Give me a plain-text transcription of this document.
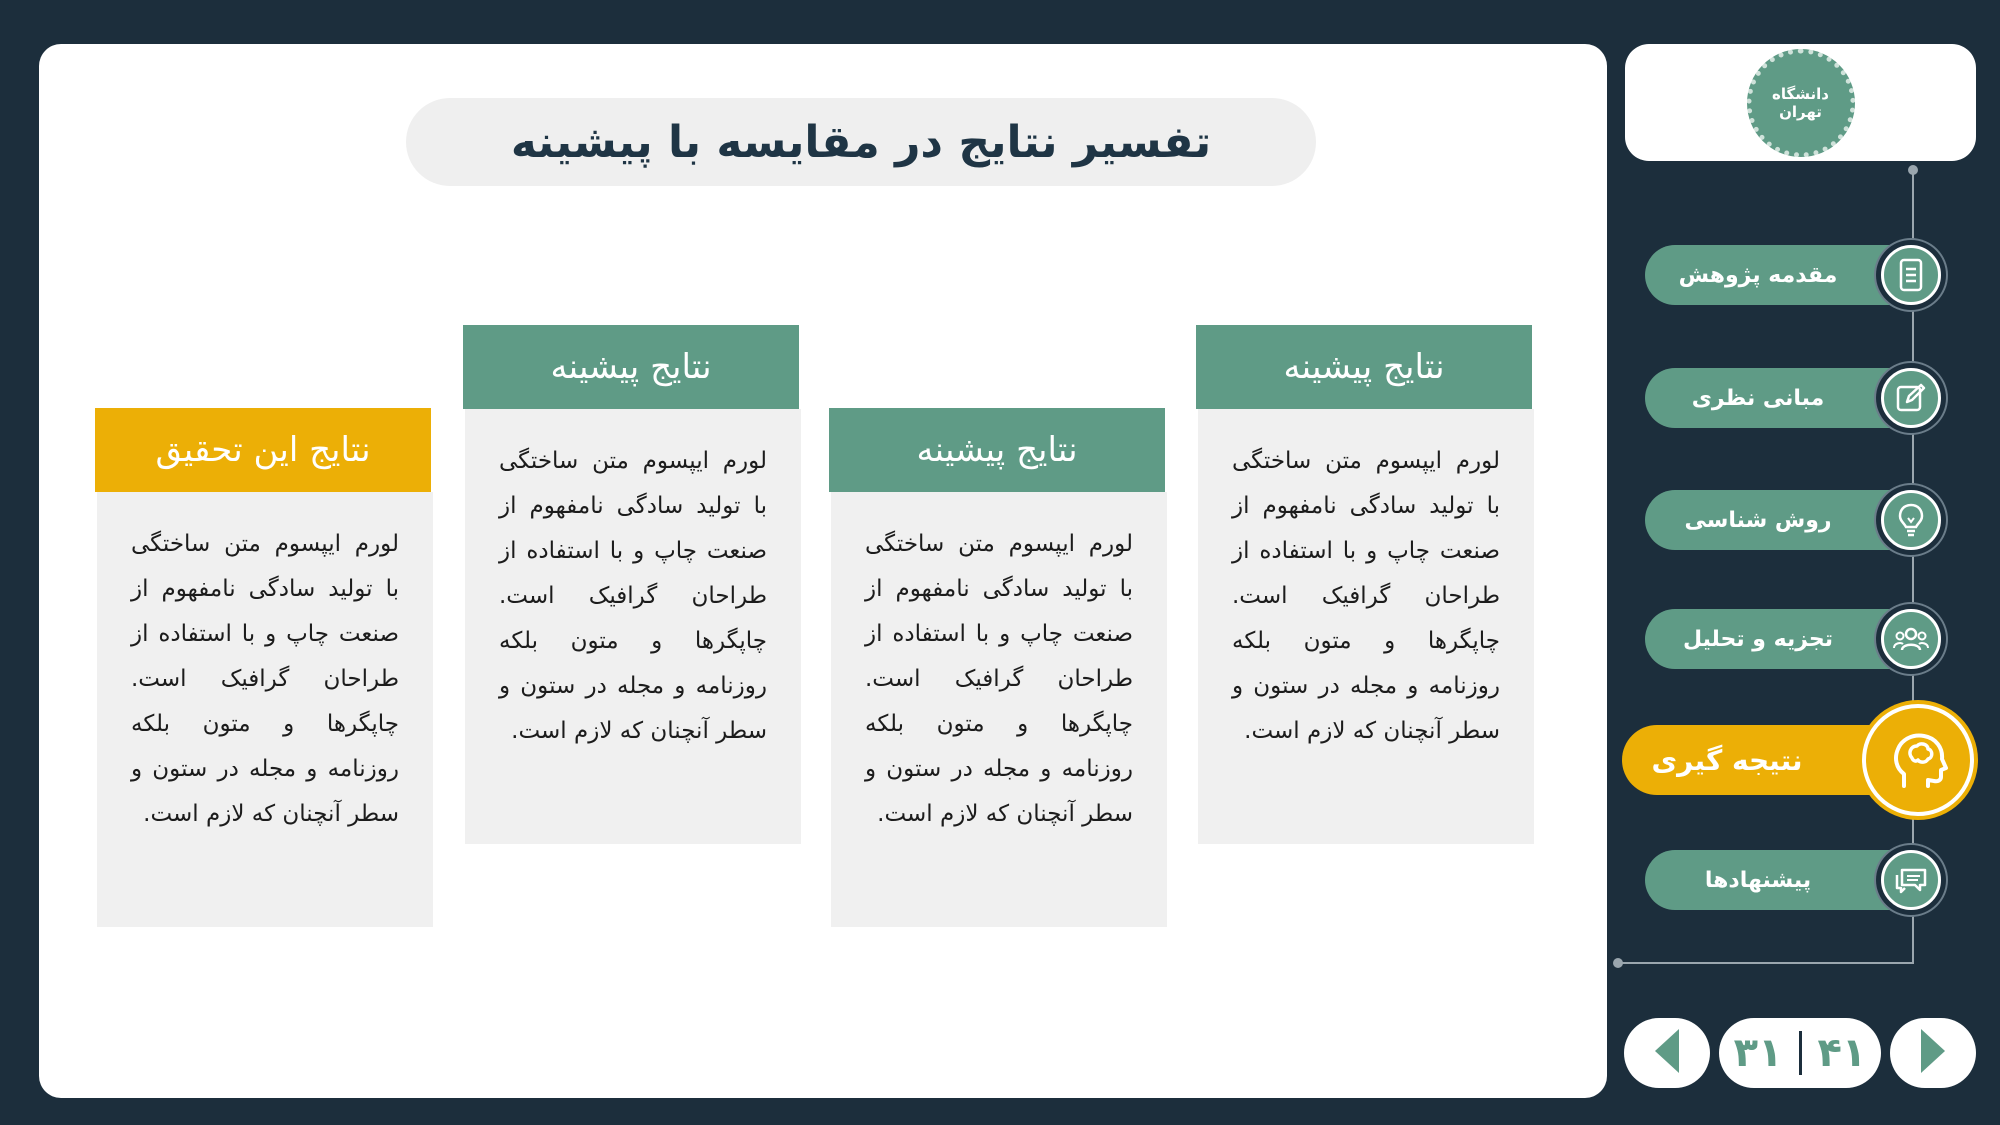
تفسیر نتایج در مقایسه با پیشینه
نتایج پیشینه
لورم ایپسوم متن ساختگی با تولید سادگی نامفهوم از صنعت چاپ و با استفاده از طراحان گرافیک است. چاپگرها و متون بلکه روزنامه و مجله در ستون و سطر آنچنان که لازم است.
نتایج پیشینه
لورم ایپسوم متن ساختگی با تولید سادگی نامفهوم از صنعت چاپ و با استفاده از طراحان گرافیک است. چاپگرها و متون بلکه روزنامه و مجله در ستون و سطر آنچنان که لازم است.
نتایج پیشینه
لورم ایپسوم متن ساختگی با تولید سادگی نامفهوم از صنعت چاپ و با استفاده از طراحان گرافیک است. چاپگرها و متون بلکه روزنامه و مجله در ستون و سطر آنچنان که لازم است.
نتایج این تحقیق
لورم ایپسوم متن ساختگی با تولید سادگی نامفهوم از صنعت چاپ و با استفاده از طراحان گرافیک است. چاپگرها و متون بلکه روزنامه و مجله در ستون و سطر آنچنان که لازم است.
دانشگاه تهران
مقدمه پژوهش
مبانی نظری
روش شناسی
تجزیه و تحلیل
نتیجه گیری
پیشنهادها
۳۱ ۴۱
